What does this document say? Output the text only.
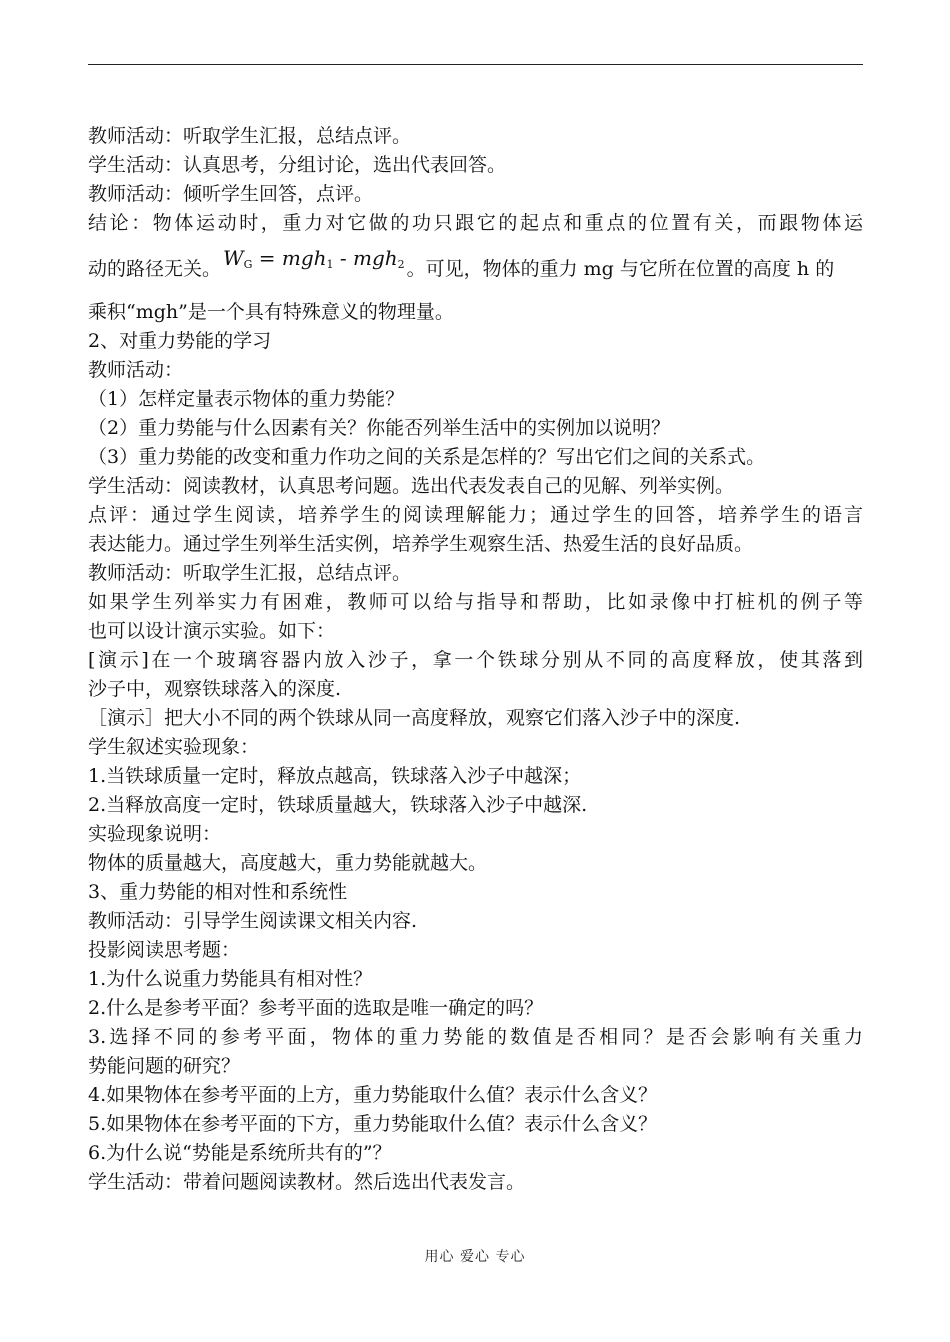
教师活动：听取学生汇报，总结点评。
学生活动：认真思考，分组讨论，选出代表回答。
教师活动：倾听学生回答，点评。
结论：物体运动时，重力对它做的功只跟它的起点和重点的位置有关，而跟物体运
动的路径无关。 $W_G = mgh_1 - mgh_2$ 。可见，物体的重力 mg 与它所在位置的高度 h 的
乘积“mgh”是一个具有特殊意义的物理量。
2、对重力势能的学习
教师活动：
（1）怎样定量表示物体的重力势能？
（2）重力势能与什么因素有关？你能否列举生活中的实例加以说明？
（3）重力势能的改变和重力作功之间的关系是怎样的？写出它们之间的关系式。
学生活动：阅读教材，认真思考问题。选出代表发表自己的见解、列举实例。
点评：通过学生阅读，培养学生的阅读理解能力；通过学生的回答，培养学生的语言
表达能力。通过学生列举生活实例，培养学生观察生活、热爱生活的良好品质。
教师活动：听取学生汇报，总结点评。
如果学生列举实力有困难，教师可以给与指导和帮助，比如录像中打桩机的例子等
也可以设计演示实验。如下：
[演示]在一个玻璃容器内放入沙子，拿一个铁球分别从不同的高度释放，使其落到
沙子中，观察铁球落入的深度.
［演示］把大小不同的两个铁球从同一高度释放，观察它们落入沙子中的深度.
学生叙述实验现象：
1.当铁球质量一定时，释放点越高，铁球落入沙子中越深；
2.当释放高度一定时，铁球质量越大，铁球落入沙子中越深.
实验现象说明：
物体的质量越大，高度越大，重力势能就越大。
3、重力势能的相对性和系统性
教师活动：引导学生阅读课文相关内容.
投影阅读思考题：
1.为什么说重力势能具有相对性？
2.什么是参考平面？参考平面的选取是唯一确定的吗？
3.选择不同的参考平面，物体的重力势能的数值是否相同？是否会影响有关重力
势能问题的研究？
4.如果物体在参考平面的上方，重力势能取什么值？表示什么含义？
5.如果物体在参考平面的下方，重力势能取什么值？表示什么含义？
6.为什么说“势能是系统所共有的”？
学生活动：带着问题阅读教材。然后选出代表发言。
用心 爱心 专心
